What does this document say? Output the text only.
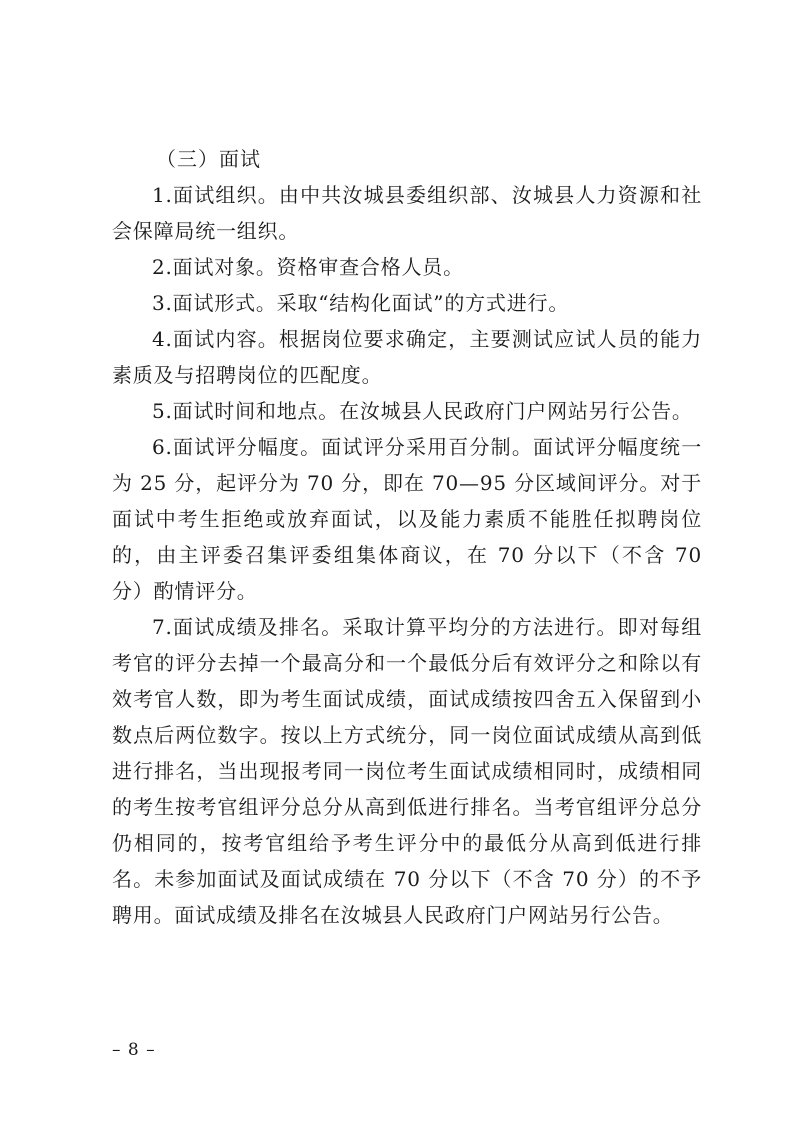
（三）面试

1.面试组织。由中共汝城县委组织部、汝城县人力资源和社会保障局统一组织。

2.面试对象。资格审查合格人员。

3.面试形式。采取“结构化面试”的方式进行。

4.面试内容。根据岗位要求确定，主要测试应试人员的能力素质及与招聘岗位的匹配度。

5.面试时间和地点。在汝城县人民政府门户网站另行公告。

6.面试评分幅度。面试评分采用百分制。面试评分幅度统一为 25 分，起评分为 70 分，即在 70—95 分区域间评分。对于面试中考生拒绝或放弃面试，以及能力素质不能胜任拟聘岗位的，由主评委召集评委组集体商议，在 70 分以下（不含 70 分）酌情评分。

7.面试成绩及排名。采取计算平均分的方法进行。即对每组考官的评分去掉一个最高分和一个最低分后有效评分之和除以有效考官人数，即为考生面试成绩，面试成绩按四舍五入保留到小数点后两位数字。按以上方式统分，同一岗位面试成绩从高到低进行排名，当出现报考同一岗位考生面试成绩相同时，成绩相同的考生按考官组评分总分从高到低进行排名。当考官组评分总分仍相同的，按考官组给予考生评分中的最低分从高到低进行排名。未参加面试及面试成绩在 70 分以下（不含 70 分）的不予聘用。面试成绩及排名在汝城县人民政府门户网站另行公告。

– 8 –
